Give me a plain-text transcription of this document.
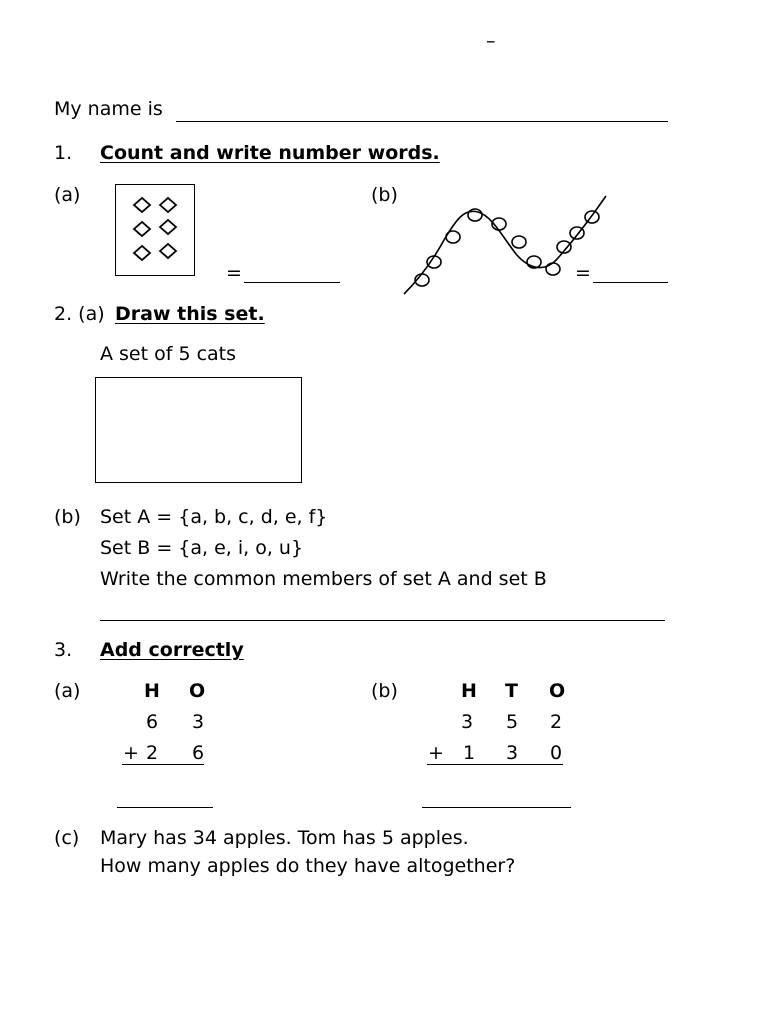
–
My name is
1. Count and write number words.
(a)
=
(b)
=
2. (a) Draw this set.
A set of 5 cats
(b) Set A = {a, b, c, d, e, f}
Set B = {a, e, i, o, u}
Write the common members of set A and set B
3. Add correctly
(a)	H O
6 3
+ 2 6
(b)	H T O
3 5 2
+ 1 3 0
(c) Mary has 34 apples. Tom has 5 apples.
How many apples do they have altogether?
